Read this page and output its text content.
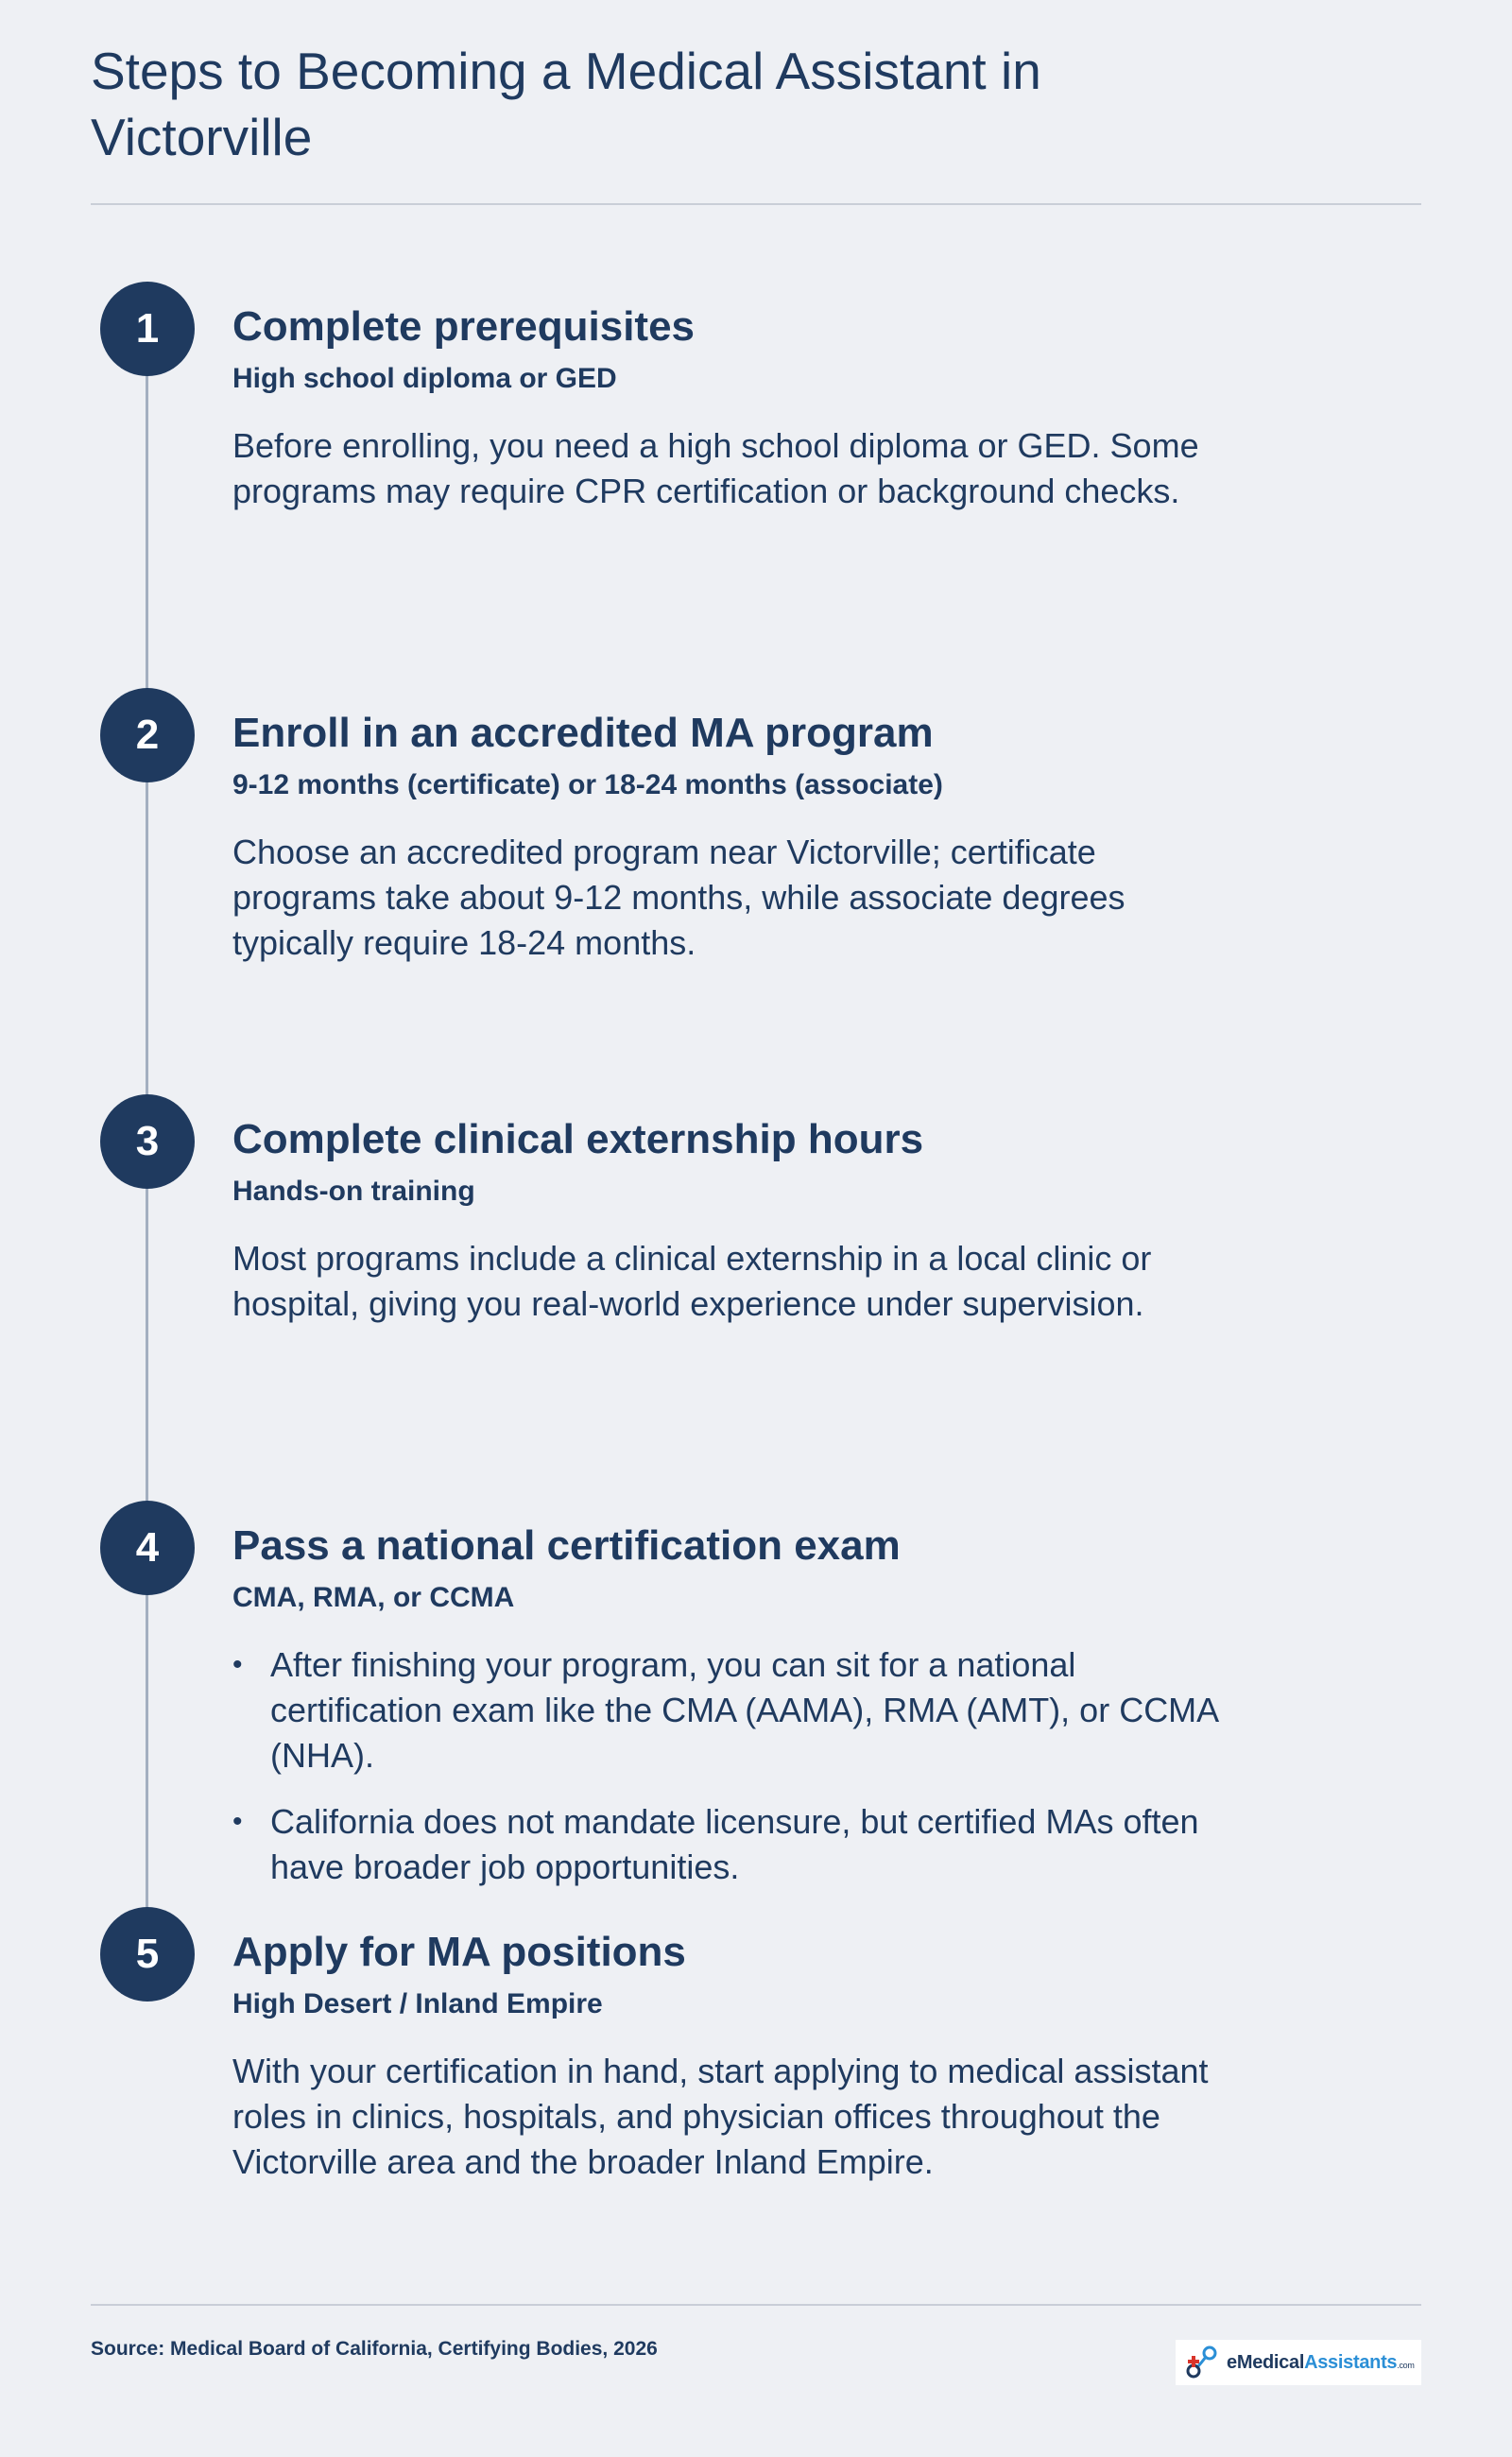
Steps to Becoming a Medical Assistant in Victorville
1	Complete prerequisites

High school diploma or GED

Before enrolling, you need a high school diploma or GED. Some programs may require CPR certification or background checks.

2	Enroll in an accredited MA program

9-12 months (certificate) or 18-24 months (associate)

Choose an accredited program near Victorville; certificate programs take about 9-12 months, while associate degrees typically require 18-24 months.

3	Complete clinical externship hours

Hands-on training

Most programs include a clinical externship in a local clinic or hospital, giving you real-world experience under supervision.

4	Pass a national certification exam

CMA, RMA, or CCMA

• After finishing your program, you can sit for a national certification exam like the CMA (AAMA), RMA (AMT), or CCMA (NHA).
• California does not mandate licensure, but certified MAs often have broader job opportunities.
5	Apply for MA positions

High Desert / Inland Empire

With your certification in hand, start applying to medical assistant roles in clinics, hospitals, and physician offices throughout the Victorville area and the broader Inland Empire.

Source: Medical Board of California, Certifying Bodies, 2026
eMedicalAssistants.com
